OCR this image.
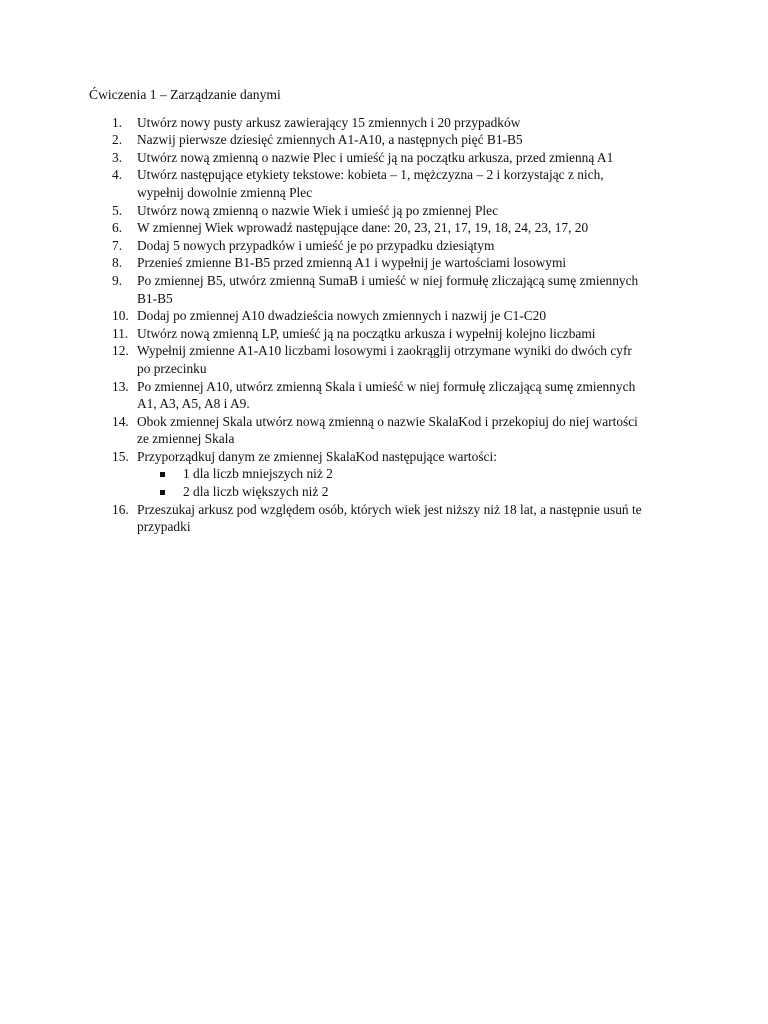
Ćwiczenia 1 – Zarządzanie danymi
1. Utwórz nowy pusty arkusz zawierający 15 zmiennych i 20 przypadków
2. Nazwij pierwsze dziesięć zmiennych A1-A10, a następnych pięć B1-B5
3. Utwórz nową zmienną o nazwie Plec i umieść ją na początku arkusza, przed zmienną A1
4. Utwórz następujące etykiety tekstowe: kobieta – 1, mężczyzna – 2 i korzystając z nich,
wypełnij dowolnie zmienną Plec
5. Utwórz nową zmienną o nazwie Wiek i umieść ją po zmiennej Plec
6. W zmiennej Wiek wprowadź następujące dane: 20, 23, 21, 17, 19, 18, 24, 23, 17, 20
7. Dodaj 5 nowych przypadków i umieść je po przypadku dziesiątym
8. Przenieś zmienne B1-B5 przed zmienną A1 i wypełnij je wartościami losowymi
9. Po zmiennej B5, utwórz zmienną SumaB i umieść w niej formułę zliczającą sumę zmiennych
B1-B5
10. Dodaj po zmiennej A10 dwadzieścia nowych zmiennych i nazwij je C1-C20
11. Utwórz nową zmienną LP, umieść ją na początku arkusza i wypełnij kolejno liczbami
12. Wypełnij zmienne A1-A10 liczbami losowymi i zaokrąglij otrzymane wyniki do dwóch cyfr
po przecinku
13. Po zmiennej A10, utwórz zmienną Skala i umieść w niej formułę zliczającą sumę zmiennych
A1, A3, A5, A8 i A9.
14. Obok zmiennej Skala utwórz nową zmienną o nazwie SkalaKod i przekopiuj do niej wartości
ze zmiennej Skala
15. Przyporządkuj danym ze zmiennej SkalaKod następujące wartości:
1 dla liczb mniejszych niż 2
2 dla liczb większych niż 2
16. Przeszukaj arkusz pod względem osób, których wiek jest niższy niż 18 lat, a następnie usuń te
przypadki
